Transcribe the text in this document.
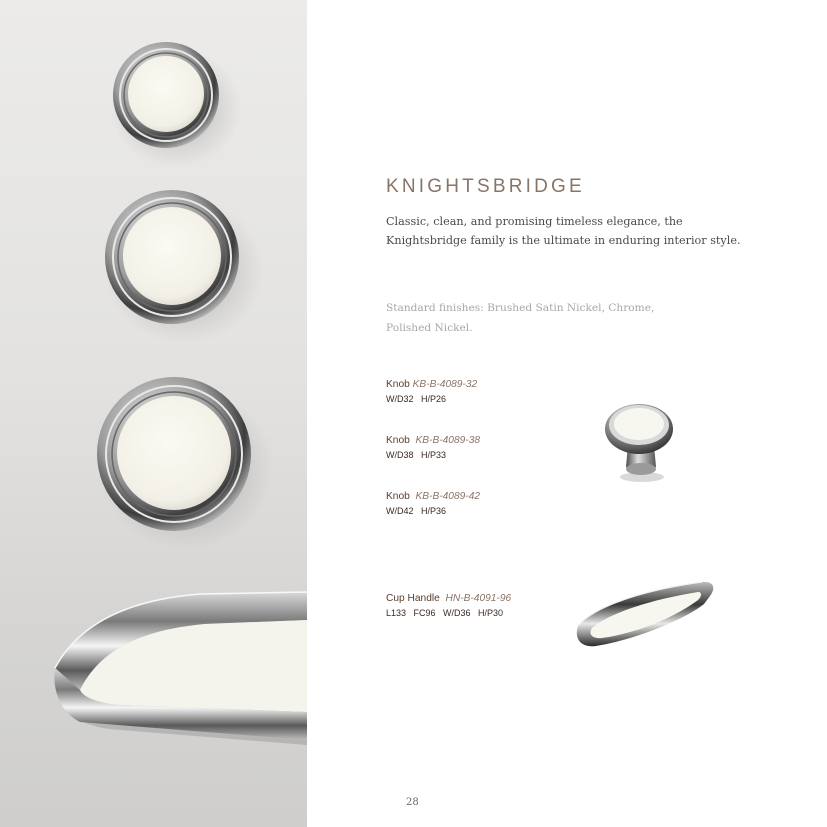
KNIGHTSBRIDGE

Classic, clean, and promising timeless elegance, the Knightsbridge family is the ultimate in enduring interior style.

Standard finishes: Brushed Satin Nickel, Chrome, Polished Nickel.

Knob KB-B-4089-32
W/D32   H/P26
Knob KB-B-4089-38
W/D38   H/P33
Knob KB-B-4089-42
W/D42   H/P36
Cup Handle HN-B-4091-96
L133   FC96   W/D36   H/P30
28
